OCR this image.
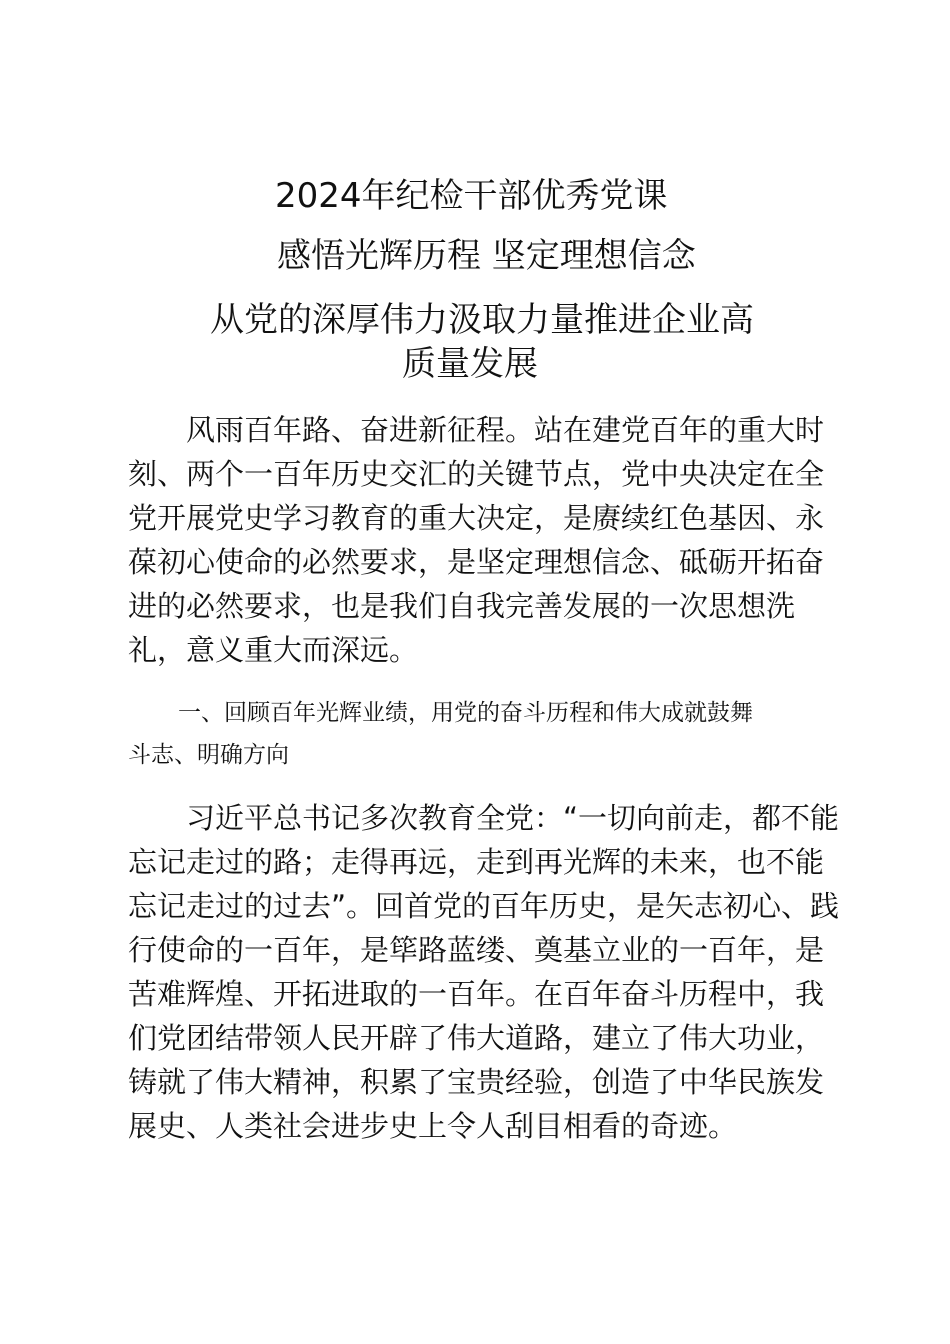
2024年纪检干部优秀党课
感悟光辉历程 坚定理想信念
从党的深厚伟力汲取力量推进企业高
质量发展

风雨百年路、奋进新征程。站在建党百年的重大时
刻、两个一百年历史交汇的关键节点，党中央决定在全
党开展党史学习教育的重大决定，是赓续红色基因、永
葆初心使命的必然要求，是坚定理想信念、砥砺开拓奋
进的必然要求，也是我们自我完善发展的一次思想洗
礼，意义重大而深远。

一、回顾百年光辉业绩，用党的奋斗历程和伟大成就鼓舞
斗志、明确方向

习近平总书记多次教育全党：“一切向前走，都不能
忘记走过的路；走得再远，走到再光辉的未来，也不能
忘记走过的过去”。回首党的百年历史，是矢志初心、践
行使命的一百年，是筚路蓝缕、奠基立业的一百年，是
苦难辉煌、开拓进取的一百年。在百年奋斗历程中，我
们党团结带领人民开辟了伟大道路，建立了伟大功业，
铸就了伟大精神，积累了宝贵经验，创造了中华民族发
展史、人类社会进步史上令人刮目相看的奇迹。
